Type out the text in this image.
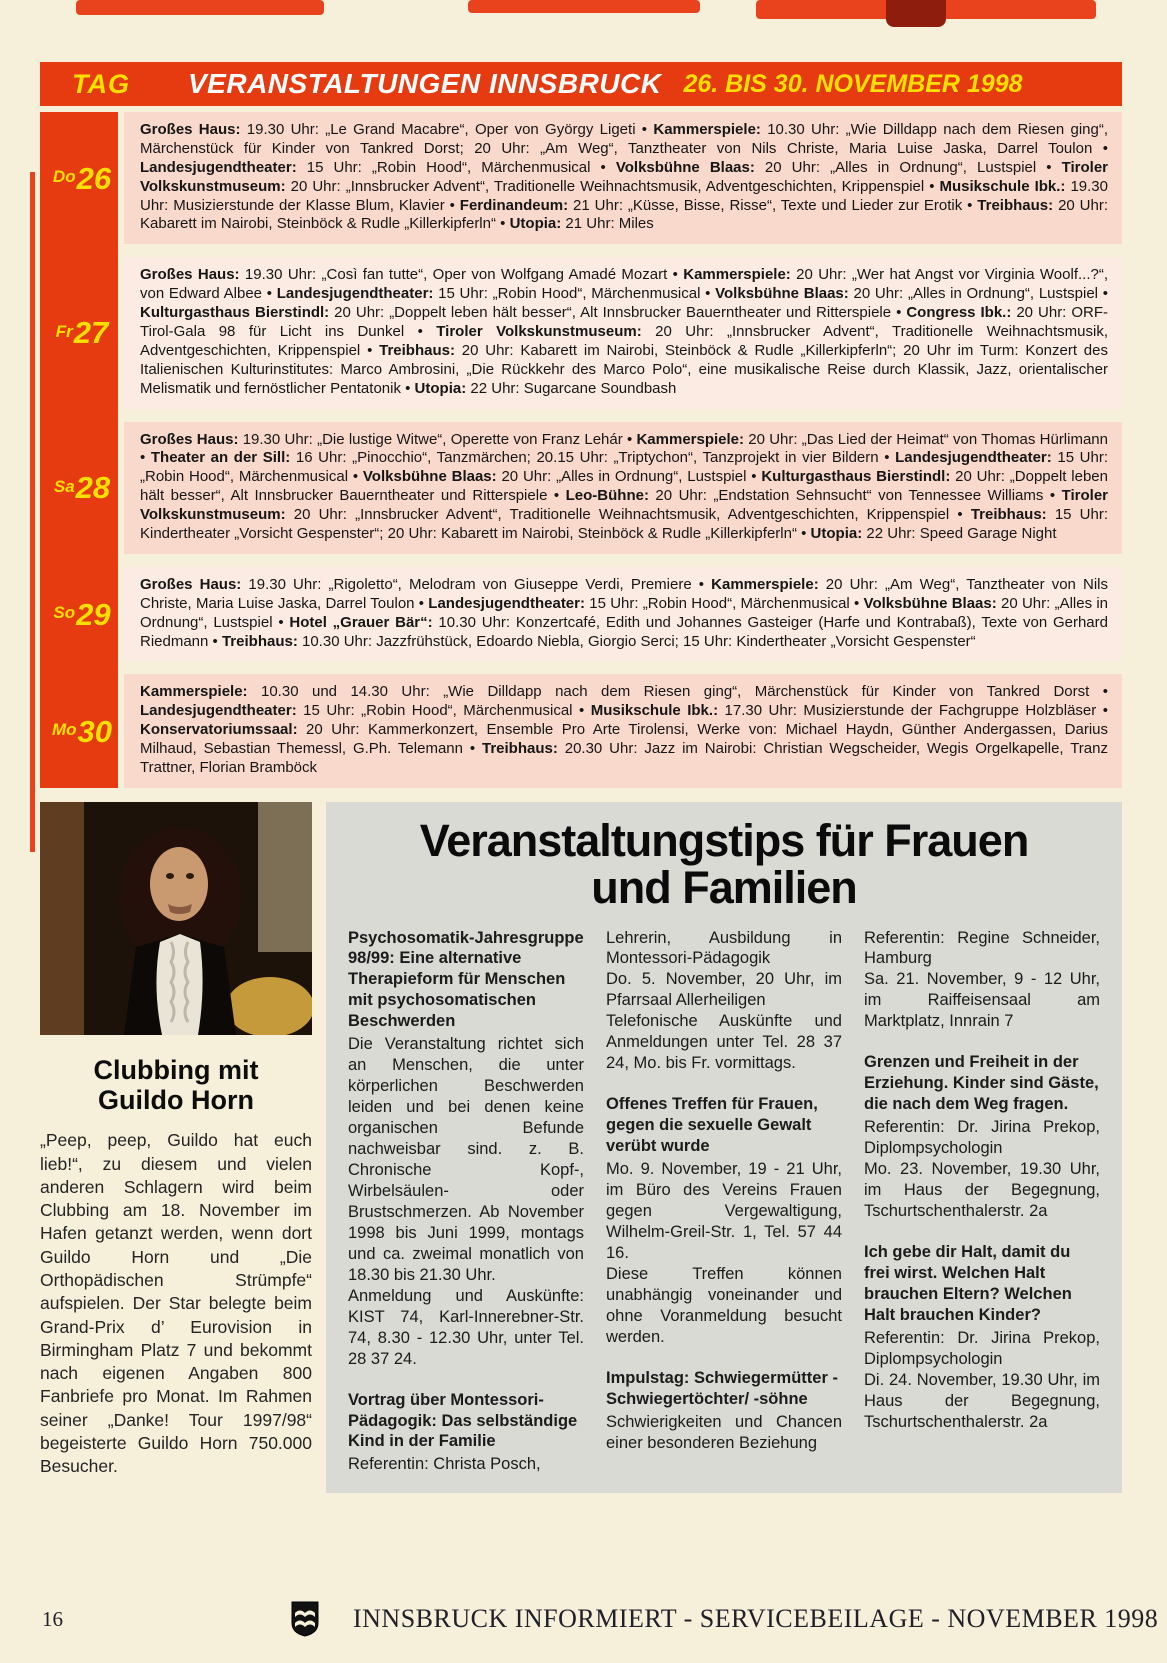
TAG VERANSTALTUNGEN INNSBRUCK 26. BIS 30. NOVEMBER 1998
Do 26
Großes Haus: 19.30 Uhr: „Le Grand Macabre“, Oper von György Ligeti • Kammerspiele: 10.30 Uhr: „Wie Dilldapp nach dem Riesen ging“, Märchenstück für Kinder von Tankred Dorst; 20 Uhr: „Am Weg“, Tanztheater von Nils Christe, Maria Luise Jaska, Darrel Toulon • Landesjugendtheater: 15 Uhr: „Robin Hood“, Märchenmusical • Volksbühne Blaas: 20 Uhr: „Alles in Ordnung“, Lustspiel • Tiroler Volkskunstmuseum: 20 Uhr: „Innsbrucker Advent“, Traditionelle Weihnachtsmusik, Adventgeschichten, Krippenspiel • Musikschule Ibk.: 19.30 Uhr: Musizierstunde der Klasse Blum, Klavier • Ferdinandeum: 21 Uhr: „Küsse, Bisse, Risse“, Texte und Lieder zur Erotik • Treibhaus: 20 Uhr: Kabarett im Nairobi, Steinböck & Rudle „Killerkipferln“ • Utopia: 21 Uhr: Miles
Fr 27
Großes Haus: 19.30 Uhr: „Così fan tutte“, Oper von Wolfgang Amadé Mozart • Kammerspiele: 20 Uhr: „Wer hat Angst vor Virginia Woolf...?“, von Edward Albee • Landesjugendtheater: 15 Uhr: „Robin Hood“, Märchenmusical • Volksbühne Blaas: 20 Uhr: „Alles in Ordnung“, Lustspiel • Kulturgasthaus Bierstindl: 20 Uhr: „Doppelt leben hält besser“, Alt Innsbrucker Bauerntheater und Ritterspiele • Congress Ibk.: 20 Uhr: ORF-Tirol-Gala 98 für Licht ins Dunkel • Tiroler Volkskunstmuseum: 20 Uhr: „Innsbrucker Advent“, Traditionelle Weihnachtsmusik, Adventgeschichten, Krippenspiel • Treibhaus: 20 Uhr: Kabarett im Nairobi, Steinböck & Rudle „Killerkipferln“; 20 Uhr im Turm: Konzert des Italienischen Kulturinstitutes: Marco Ambrosini, „Die Rückkehr des Marco Polo“, eine musikalische Reise durch Klassik, Jazz, orientalischer Melismatik und fernöstlicher Pentatonik • Utopia: 22 Uhr: Sugarcane Soundbash
Sa 28
Großes Haus: 19.30 Uhr: „Die lustige Witwe“, Operette von Franz Lehár • Kammerspiele: 20 Uhr: „Das Lied der Heimat“ von Thomas Hürlimann • Theater an der Sill: 16 Uhr: „Pinocchio“, Tanzmärchen; 20.15 Uhr: „Triptychon“, Tanzprojekt in vier Bildern • Landesjugendtheater: 15 Uhr: „Robin Hood“, Märchenmusical • Volksbühne Blaas: 20 Uhr: „Alles in Ordnung“, Lustspiel • Kulturgasthaus Bierstindl: 20 Uhr: „Doppelt leben hält besser“, Alt Innsbrucker Bauerntheater und Ritterspiele • Leo-Bühne: 20 Uhr: „Endstation Sehnsucht“ von Tennessee Williams • Tiroler Volkskunstmuseum: 20 Uhr: „Innsbrucker Advent“, Traditionelle Weihnachtsmusik, Adventgeschichten, Krippenspiel • Treibhaus: 15 Uhr: Kindertheater „Vorsicht Gespenster“; 20 Uhr: Kabarett im Nairobi, Steinböck & Rudle „Killerkipferln“ • Utopia: 22 Uhr: Speed Garage Night
So 29
Großes Haus: 19.30 Uhr: „Rigoletto“, Melodram von Giuseppe Verdi, Premiere • Kammerspiele: 20 Uhr: „Am Weg“, Tanztheater von Nils Christe, Maria Luise Jaska, Darrel Toulon • Landesjugendtheater: 15 Uhr: „Robin Hood“, Märchenmusical • Volksbühne Blaas: 20 Uhr: „Alles in Ordnung“, Lustspiel • Hotel „Grauer Bär“: 10.30 Uhr: Konzertcafé, Edith und Johannes Gasteiger (Harfe und Kontrabaß), Texte von Gerhard Riedmann • Treibhaus: 10.30 Uhr: Jazzfrühstück, Edoardo Niebla, Giorgio Serci; 15 Uhr: Kindertheater „Vorsicht Gespenster“
Mo 30
Kammerspiele: 10.30 und 14.30 Uhr: „Wie Dilldapp nach dem Riesen ging“, Märchenstück für Kinder von Tankred Dorst • Landesjugendtheater: 15 Uhr: „Robin Hood“, Märchenmusical • Musikschule Ibk.: 17.30 Uhr: Musizierstunde der Fachgruppe Holzbläser • Konservatoriumssaal: 20 Uhr: Kammerkonzert, Ensemble Pro Arte Tirolensi, Werke von: Michael Haydn, Günther Andergassen, Darius Milhaud, Sebastian Themessl, G.Ph. Telemann • Treibhaus: 20.30 Uhr: Jazz im Nairobi: Christian Wegscheider, Wegis Orgelkapelle, Tranz Trattner, Florian Bramböck
Clubbing mit
Guildo Horn
„Peep, peep, Guildo hat euch lieb!“, zu diesem und vielen anderen Schlagern wird beim Clubbing am 18. November im Hafen getanzt werden, wenn dort Guildo Horn und „Die Orthopädischen Strümpfe“ aufspielen. Der Star belegte beim Grand-Prix d’ Eurovision in Birmingham Platz 7 und bekommt nach eigenen Angaben 800 Fanbriefe pro Monat. Im Rahmen seiner „Danke! Tour 1997/98“ begeisterte Guildo Horn 750.000 Besucher.
Veranstaltungstips für Frauen
und Familien
Psychosomatik-Jahresgruppe 98/99: Eine alternative Therapieform für Menschen mit psychosomatischen Beschwerden
Die Veranstaltung richtet sich an Menschen, die unter körperlichen Beschwerden leiden und bei denen keine organischen Befunde nachweisbar sind. z. B. Chronische Kopf-, Wirbelsäulen- oder Brustschmerzen. Ab November 1998 bis Juni 1999, montags und ca. zweimal monatlich von 18.30 bis 21.30 Uhr.
Anmeldung und Auskünfte: KIST 74, Karl-Innerebner-Str. 74, 8.30 - 12.30 Uhr, unter Tel. 28 37 24.
Vortrag über Montessori-Pädagogik: Das selbständige Kind in der Familie
Referentin: Christa Posch,
Lehrerin, Ausbildung in Montessori-Pädagogik
Do. 5. November, 20 Uhr, im Pfarrsaal Allerheiligen
Telefonische Auskünfte und Anmeldungen unter Tel. 28 37 24, Mo. bis Fr. vormittags.
Offenes Treffen für Frauen, gegen die sexuelle Gewalt verübt wurde
Mo. 9. November, 19 - 21 Uhr, im Büro des Vereins Frauen gegen Vergewaltigung, Wilhelm-Greil-Str. 1, Tel. 57 44 16.
Diese Treffen können unabhängig voneinander und ohne Voranmeldung besucht werden.
Impulstag: Schwiegermütter - Schwiegertöchter/ -söhne
Schwierigkeiten und Chancen einer besonderen Beziehung
Referentin: Regine Schneider, Hamburg
Sa. 21. November, 9 - 12 Uhr, im Raiffeisensaal am Marktplatz, Innrain 7
Grenzen und Freiheit in der Erziehung. Kinder sind Gäste, die nach dem Weg fragen.
Referentin: Dr. Jirina Prekop, Diplompsychologin
Mo. 23. November, 19.30 Uhr, im Haus der Begegnung, Tschurtschenthalerstr. 2a
Ich gebe dir Halt, damit du frei wirst. Welchen Halt brauchen Eltern? Welchen Halt brauchen Kinder?
Referentin: Dr. Jirina Prekop, Diplompsychologin
Di. 24. November, 19.30 Uhr, im Haus der Begegnung, Tschurtschenthalerstr. 2a
16	INNSBRUCK INFORMIERT - SERVICEBEILAGE - NOVEMBER 1998
